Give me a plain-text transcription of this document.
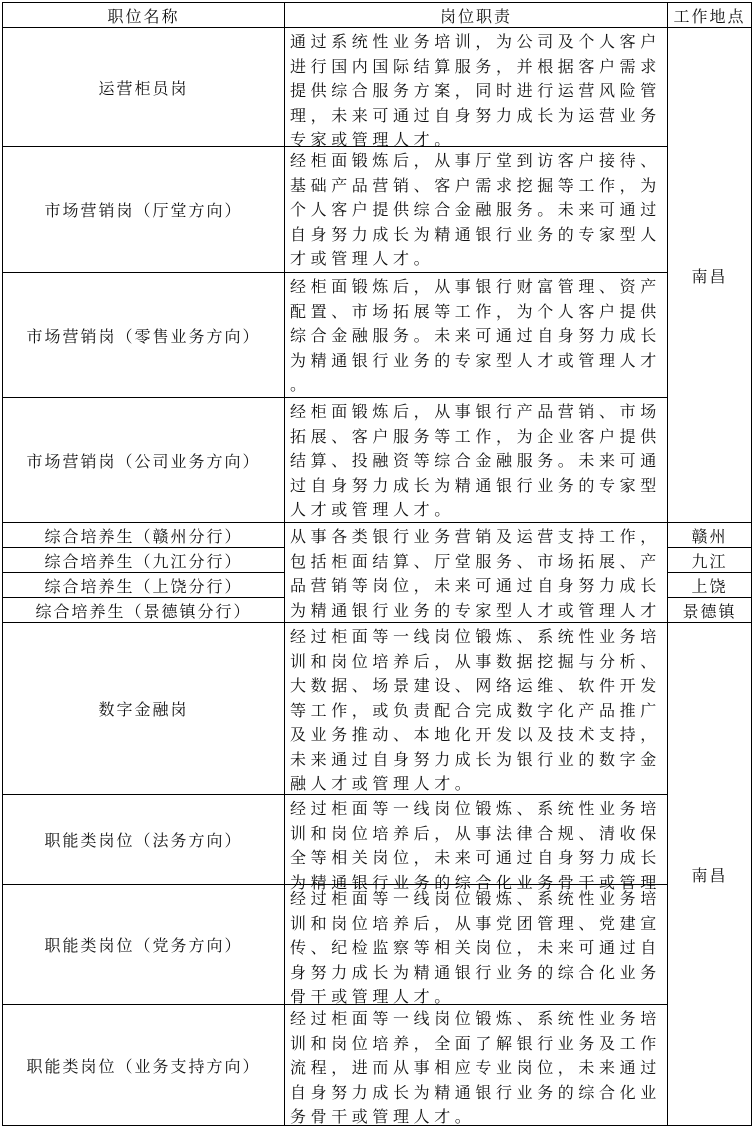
职位名称	岗位职责	工作地点
运营柜员岗
市场营销岗（厅堂方向）
市场营销岗（零售业务方向）
市场营销岗（公司业务方向）
综合培养生（赣州分行）
综合培养生（九江分行）
综合培养生（上饶分行）
综合培养生（景德镇分行）
数字金融岗
职能类岗位（法务方向）
职能类岗位（党务方向）
职能类岗位（业务支持方向）
通过系统性业务培训，为公司及个人客户
进行国内国际结算服务，并根据客户需求
提供综合服务方案，同时进行运营风险管
理，未来可通过自身努力成长为运营业务
专家或管理人才。
经柜面锻炼后，从事厅堂到访客户接待、
基础产品营销、客户需求挖掘等工作，为
个人客户提供综合金融服务。未来可通过
自身努力成长为精通银行业务的专家型人
才或管理人才。
经柜面锻炼后，从事银行财富管理、资产
配置、市场拓展等工作，为个人客户提供
综合金融服务。未来可通过自身努力成长
为精通银行业务的专家型人才或管理人才
。
经柜面锻炼后，从事银行产品营销、市场
拓展、客户服务等工作，为企业客户提供
结算、投融资等综合金融服务。未来可通
过自身努力成长为精通银行业务的专家型
人才或管理人才。
从事各类银行业务营销及运营支持工作，
包括柜面结算、厅堂服务、市场拓展、产
品营销等岗位，未来可通过自身努力成长
为精通银行业务的专家型人才或管理人才
经过柜面等一线岗位锻炼、系统性业务培
训和岗位培养后，从事数据挖掘与分析、
大数据、场景建设、网络运维、软件开发
等工作，或负责配合完成数字化产品推广
及业务推动、本地化开发以及技术支持，
未来通过自身努力成长为银行业的数字金
融人才或管理人才。
经过柜面等一线岗位锻炼、系统性业务培
训和岗位培养后，从事法律合规、清收保
全等相关岗位，未来可通过自身努力成长
为精通银行业务的综合化业务骨干或管理
经过柜面等一线岗位锻炼、系统性业务培
训和岗位培养后，从事党团管理、党建宣
传、纪检监察等相关岗位，未来可通过自
身努力成长为精通银行业务的综合化业务
骨干或管理人才。
经过柜面等一线岗位锻炼、系统性业务培
训和岗位培养，全面了解银行业务及工作
流程，进而从事相应专业岗位，未来通过
自身努力成长为精通银行业务的综合化业
务骨干或管理人才。
南昌
赣州
九江
上饶
景德镇
南昌
